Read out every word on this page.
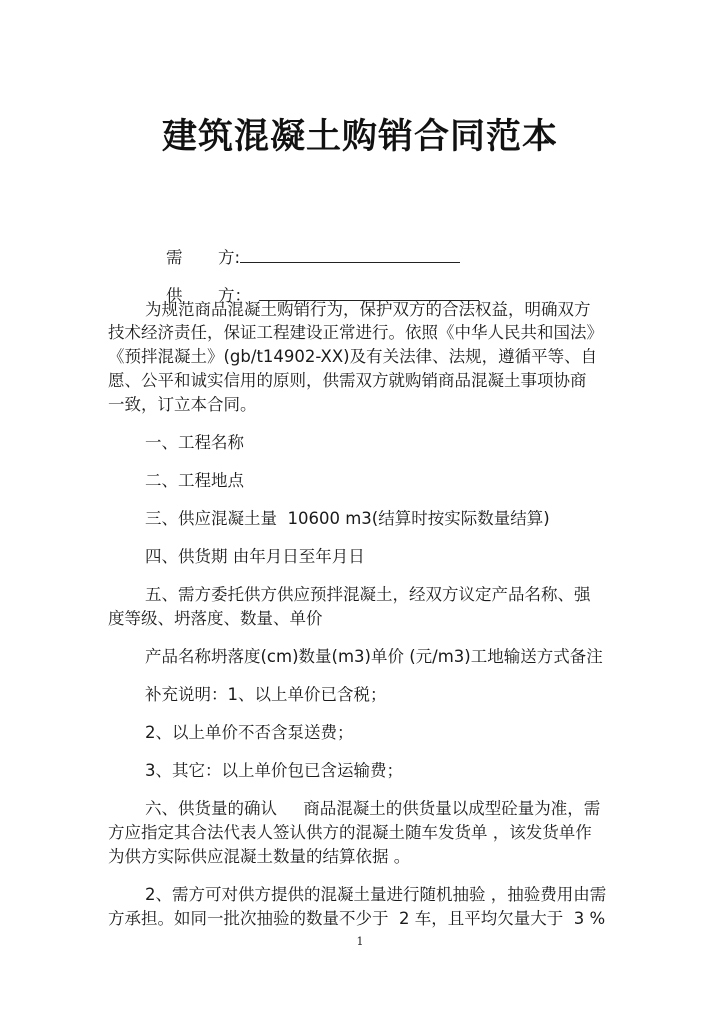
建筑混凝土购销合同范本

需 方:

供 方：

为规范商品混凝土购销行为，保护双方的合法权益，明确双方
技术经济责任，保证工程建设正常进行。依照《中华人民共和国法》
《预拌混凝土》(gb/t14902-XX)及有关法律、法规，遵循平等、自
愿、公平和诚实信用的原则，供需双方就购销商品混凝土事项协商
一致，订立本合同。
一、工程名称
二、工程地点
三、供应混凝土量  10600 m3(结算时按实际数量结算)
四、供货期 由年月日至年月日
五、需方委托供方供应预拌混凝土，经双方议定产品名称、强
度等级、坍落度、数量、单价
产品名称坍落度(cm)数量(m3)单价 (元/m3)工地输送方式备注
补充说明：1、以上单价已含税；
2、以上单价不否含泵送费；
3、其它：以上单价包已含运输费；
六、供货量的确认     商品混凝土的供货量以成型砼量为准，需
方应指定其合法代表人签认供方的混凝土随车发货单 ，该发货单作
为供方实际供应混凝土数量的结算依据 。
2、需方可对供方提供的混凝土量进行随机抽验 ，抽验费用由需
方承担。如同一批次抽验的数量不少于  2 车，且平均欠量大于  3 %
1
